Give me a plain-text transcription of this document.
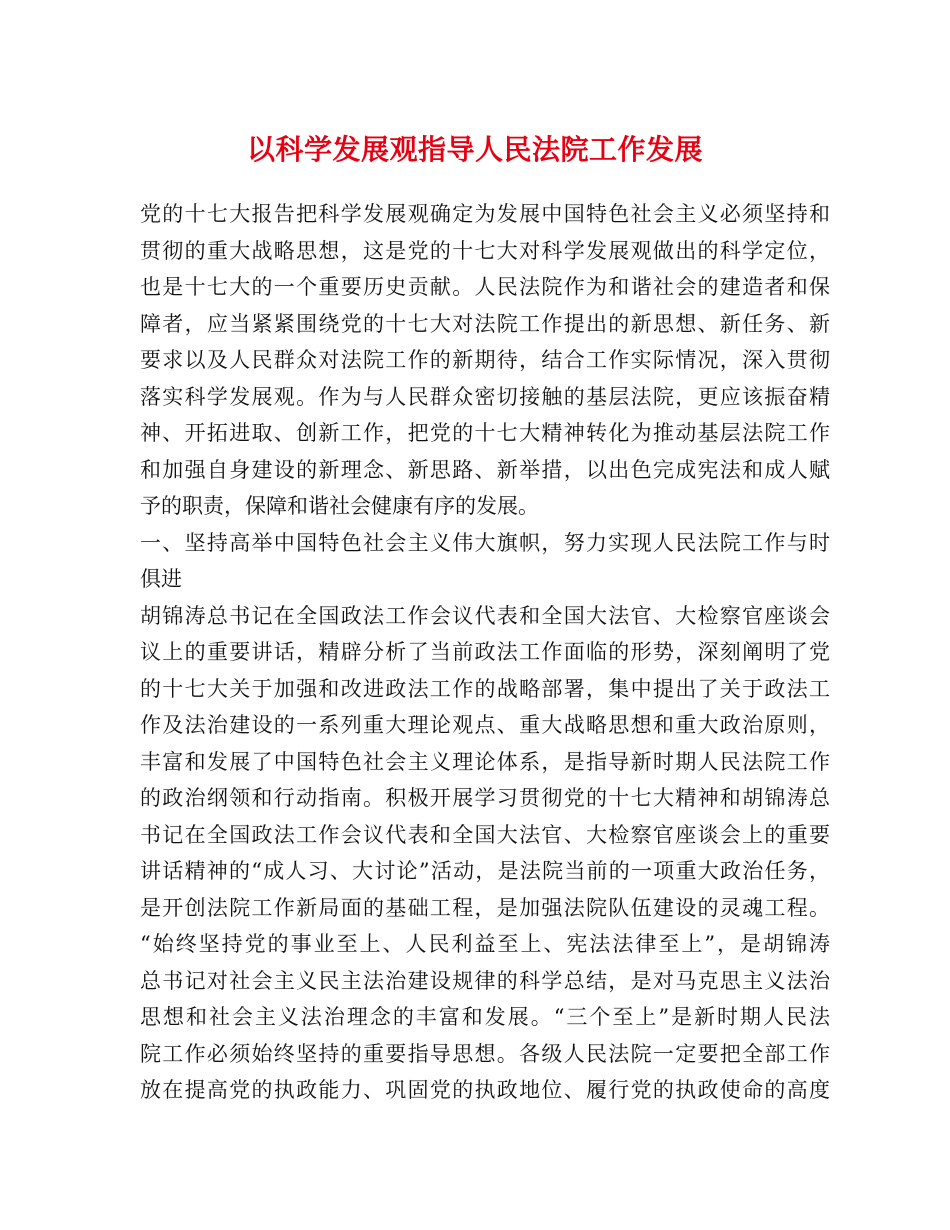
以科学发展观指导人民法院工作发展
党的十七大报告把科学发展观确定为发展中国特色社会主义必须坚持和
贯彻的重大战略思想，这是党的十七大对科学发展观做出的科学定位，
也是十七大的一个重要历史贡献。人民法院作为和谐社会的建造者和保
障者，应当紧紧围绕党的十七大对法院工作提出的新思想、新任务、新
要求以及人民群众对法院工作的新期待，结合工作实际情况，深入贯彻
落实科学发展观。作为与人民群众密切接触的基层法院，更应该振奋精
神、开拓进取、创新工作，把党的十七大精神转化为推动基层法院工作
和加强自身建设的新理念、新思路、新举措，以出色完成宪法和成人赋
予的职责，保障和谐社会健康有序的发展。
一、坚持高举中国特色社会主义伟大旗帜，努力实现人民法院工作与时
俱进
胡锦涛总书记在全国政法工作会议代表和全国大法官、大检察官座谈会
议上的重要讲话，精辟分析了当前政法工作面临的形势，深刻阐明了党
的十七大关于加强和改进政法工作的战略部署，集中提出了关于政法工
作及法治建设的一系列重大理论观点、重大战略思想和重大政治原则，
丰富和发展了中国特色社会主义理论体系，是指导新时期人民法院工作
的政治纲领和行动指南。积极开展学习贯彻党的十七大精神和胡锦涛总
书记在全国政法工作会议代表和全国大法官、大检察官座谈会上的重要
讲话精神的“成人习、大讨论”活动，是法院当前的一项重大政治任务，
是开创法院工作新局面的基础工程，是加强法院队伍建设的灵魂工程。
“始终坚持党的事业至上、人民利益至上、宪法法律至上”，是胡锦涛
总书记对社会主义民主法治建设规律的科学总结，是对马克思主义法治
思想和社会主义法治理念的丰富和发展。“三个至上”是新时期人民法
院工作必须始终坚持的重要指导思想。各级人民法院一定要把全部工作
放在提高党的执政能力、巩固党的执政地位、履行党的执政使命的高度
